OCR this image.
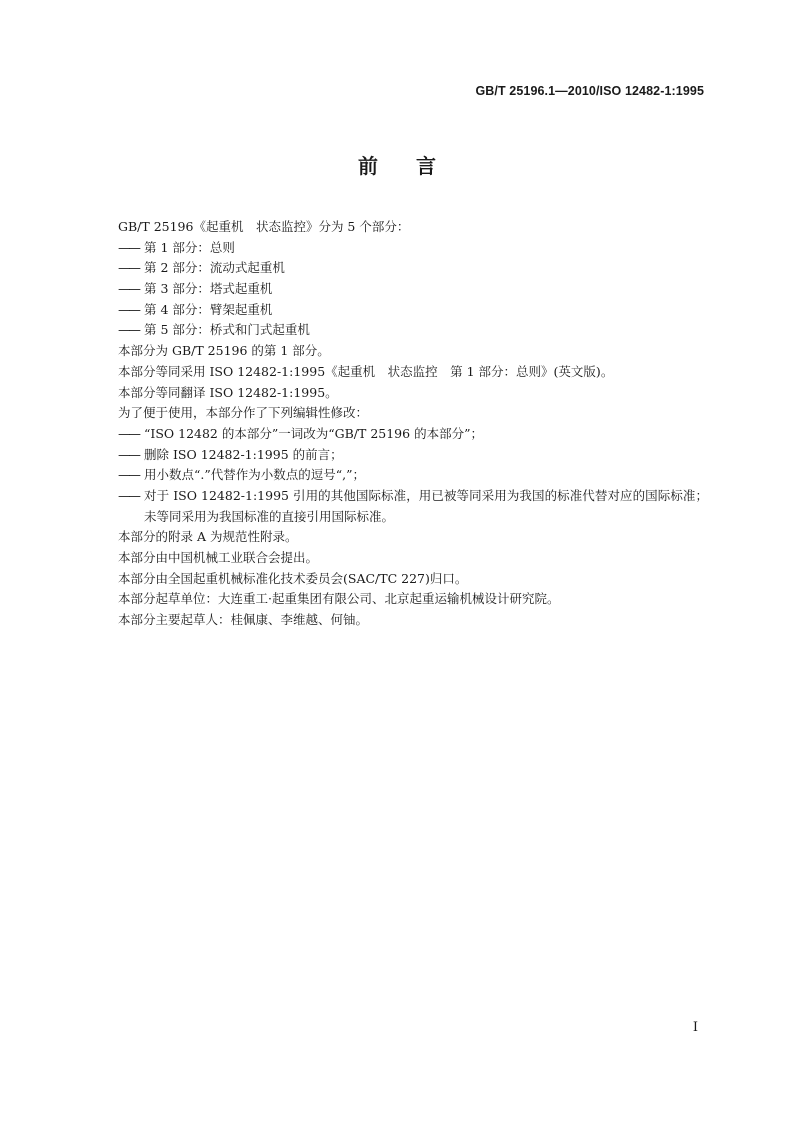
GB/T 25196.1—2010/ISO 12482-1:1995
前言
GB/T 25196《起重机　状态监控》分为 5 个部分：
—— 第 1 部分：总则
—— 第 2 部分：流动式起重机
—— 第 3 部分：塔式起重机
—— 第 4 部分：臂架起重机
—— 第 5 部分：桥式和门式起重机
本部分为 GB/T 25196 的第 1 部分。
本部分等同采用 ISO 12482-1:1995《起重机　状态监控　第 1 部分：总则》(英文版)。
本部分等同翻译 ISO 12482-1:1995。
为了便于使用，本部分作了下列编辑性修改：
—— “ISO 12482 的本部分”一词改为“GB/T 25196 的本部分”；
—— 删除 ISO 12482-1:1995 的前言；
—— 用小数点“.”代替作为小数点的逗号“,”；
—— 对于 ISO 12482-1:1995 引用的其他国际标准，用已被等同采用为我国的标准代替对应的国际标准；未等同采用为我国标准的直接引用国际标准。
本部分的附录 A 为规范性附录。
本部分由中国机械工业联合会提出。
本部分由全国起重机械标准化技术委员会(SAC/TC 227)归口。
本部分起草单位：大连重工·起重集团有限公司、北京起重运输机械设计研究院。
本部分主要起草人：桂佩康、李维越、何铀。
I
